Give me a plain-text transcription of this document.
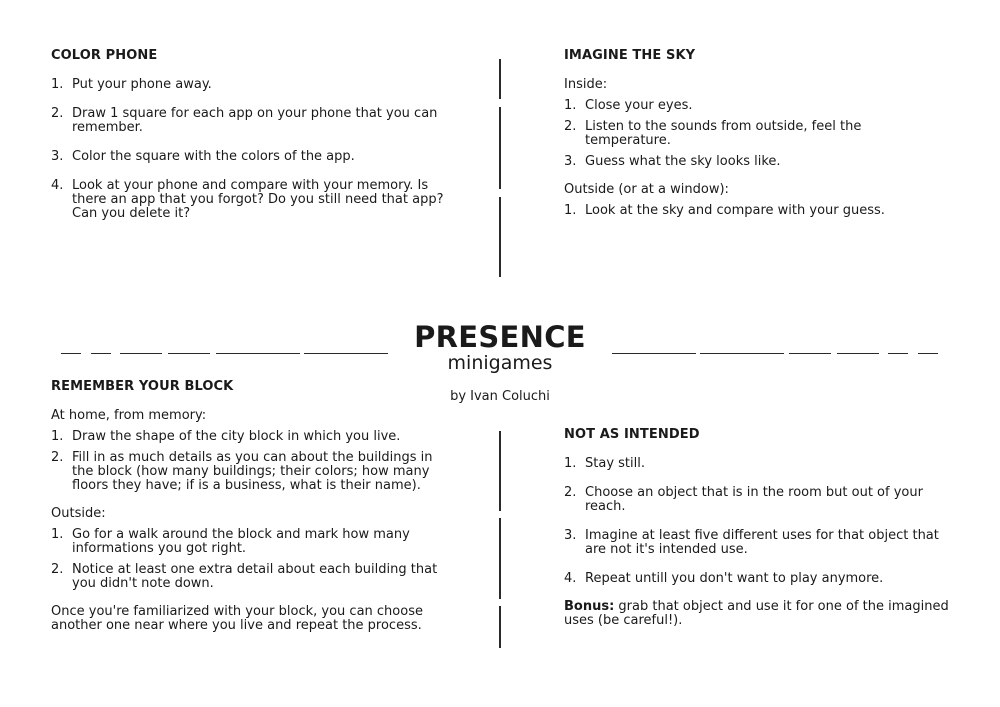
PRESENCE
minigames
by Ivan Coluchi
COLOR PHONE
1. Put your phone away.
2. Draw 1 square for each app on your phone that you can remember.
3. Color the square with the colors of the app.
4. Look at your phone and compare with your memory. Is there an app that you forgot? Do you still need that app? Can you delete it?
IMAGINE THE SKY

Inside:

1. Close your eyes.
2. Listen to the sounds from outside, feel the temperature.
3. Guess what the sky looks like.

Outside (or at a window):

1. Look at the sky and compare with your guess.
REMEMBER YOUR BLOCK

At home, from memory:

1. Draw the shape of the city block in which you live.
2. Fill in as much details as you can about the buildings in the block (how many buildings; their colors; how many floors they have; if is a business, what is their name).

Outside:

1. Go for a walk around the block and mark how many informations you got right.
2. Notice at least one extra detail about each building that you didn't note down.

Once you're familiarized with your block, you can choose another one near where you live and repeat the process.

NOT AS INTENDED
1. Stay still.
2. Choose an object that is in the room but out of your reach.
3. Imagine at least five different uses for that object that are not it's intended use.
4. Repeat untill you don't want to play anymore.

Bonus: grab that object and use it for one of the imagined uses (be careful!).
